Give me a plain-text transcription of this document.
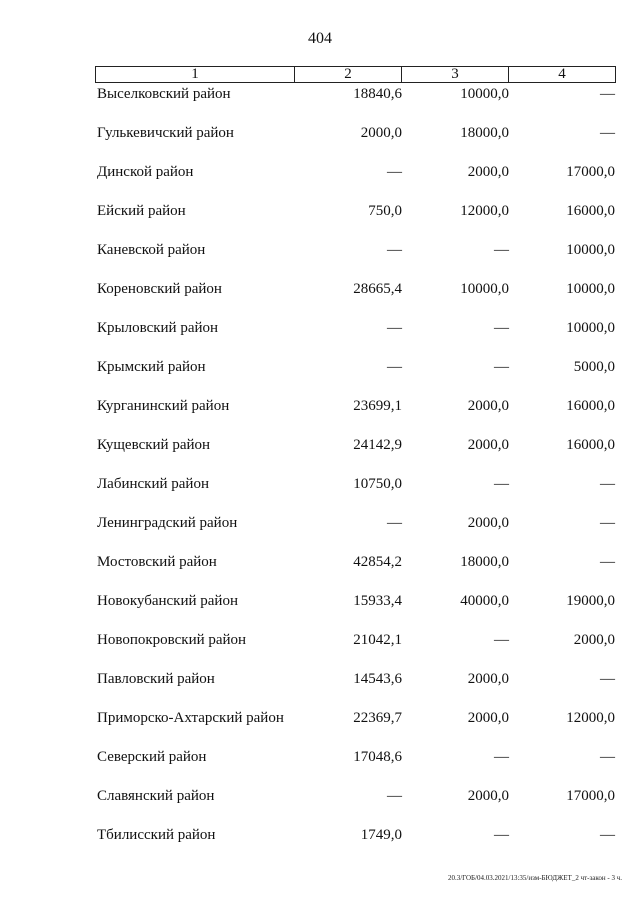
404
1	2	3	4
Выселковский район	18840,6	10000,0	—
Гулькевичский район	2000,0	18000,0	—
Динской район	—	2000,0	17000,0
Ейский район	750,0	12000,0	16000,0
Каневской район	—	—	10000,0
Кореновский район	28665,4	10000,0	10000,0
Крыловский район	—	—	10000,0
Крымский район	—	—	5000,0
Курганинский район	23699,1	2000,0	16000,0
Кущевский район	24142,9	2000,0	16000,0
Лабинский район	10750,0	—	—
Ленинградский район	—	2000,0	—
Мостовский район	42854,2	18000,0	—
Новокубанский район	15933,4	40000,0	19000,0
Новопокровский район	21042,1	—	2000,0
Павловский район	14543,6	2000,0	—
Приморско-Ахтарский район	22369,7	2000,0	12000,0
Северский район	17048,6	—	—
Славянский район	—	2000,0	17000,0
Тбилисский район	1749,0	—	—
20.3/ГОБ/04.03.2021/13:35/изм-БЮДЖЕТ_2 чт-закон - 3 ч.
